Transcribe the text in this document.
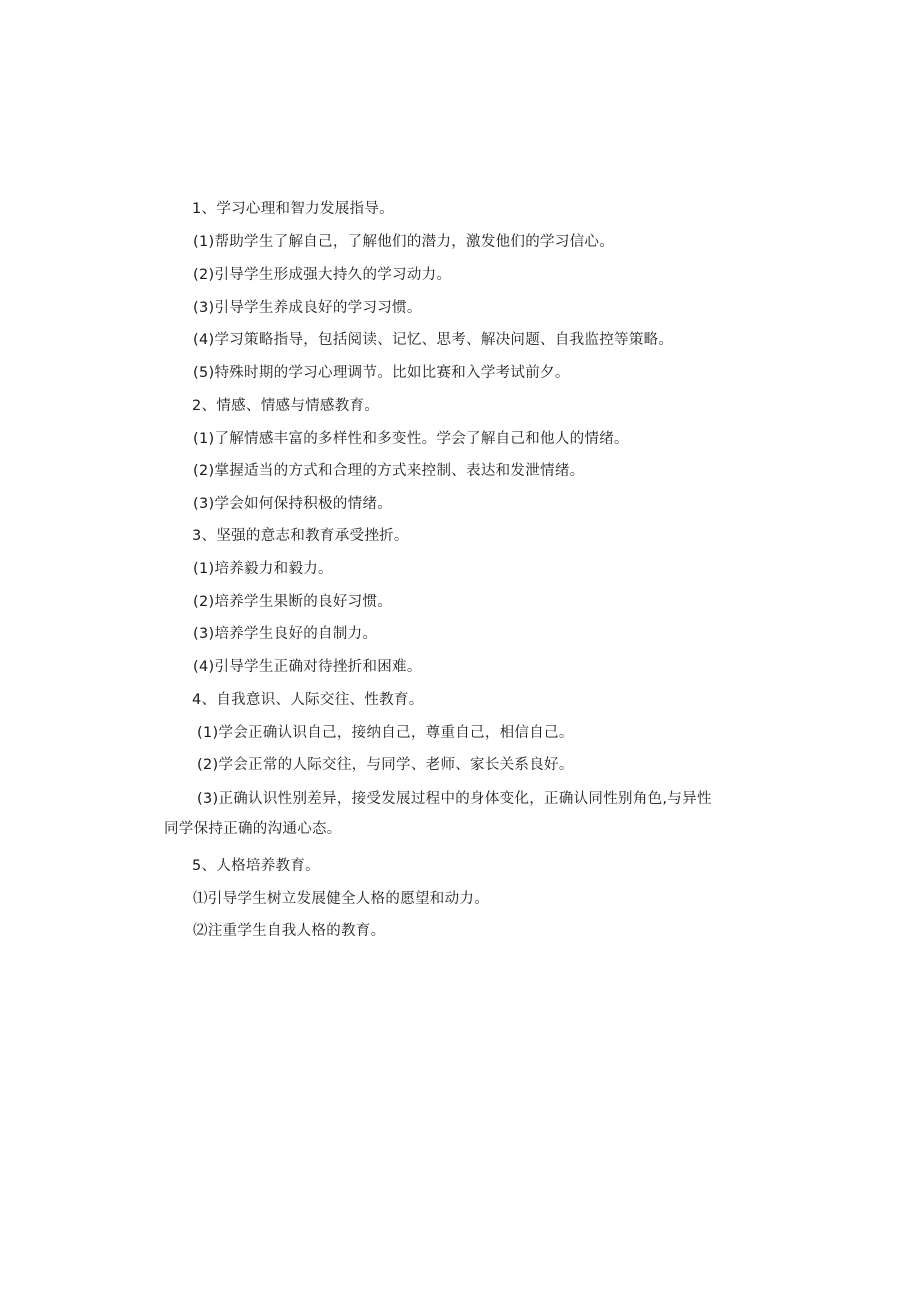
1、学习心理和智力发展指导。
(1)帮助学生了解自己，了解他们的潜力，激发他们的学习信心。
(2)引导学生形成强大持久的学习动力。
(3)引导学生养成良好的学习习惯。
(4)学习策略指导，包括阅读、记忆、思考、解决问题、自我监控等策略。
(5)特殊时期的学习心理调节。比如比赛和入学考试前夕。
2、情感、情感与情感教育。
(1)了解情感丰富的多样性和多变性。学会了解自己和他人的情绪。
(2)掌握适当的方式和合理的方式来控制、表达和发泄情绪。
(3)学会如何保持积极的情绪。
3、坚强的意志和教育承受挫折。
(1)培养毅力和毅力。
(2)培养学生果断的良好习惯。
(3)培养学生良好的自制力。
(4)引导学生正确对待挫折和困难。
4、自我意识、人际交往、性教育。
(1)学会正确认识自己，接纳自己，尊重自己，相信自己。
(2)学会正常的人际交往，与同学、老师、家长关系良好。
(3)正确认识性别差异，接受发展过程中的身体变化，正确认同性别角色,与异性
同学保持正确的沟通心态。
5、人格培养教育。
⑴引导学生树立发展健全人格的愿望和动力。
⑵注重学生自我人格的教育。
